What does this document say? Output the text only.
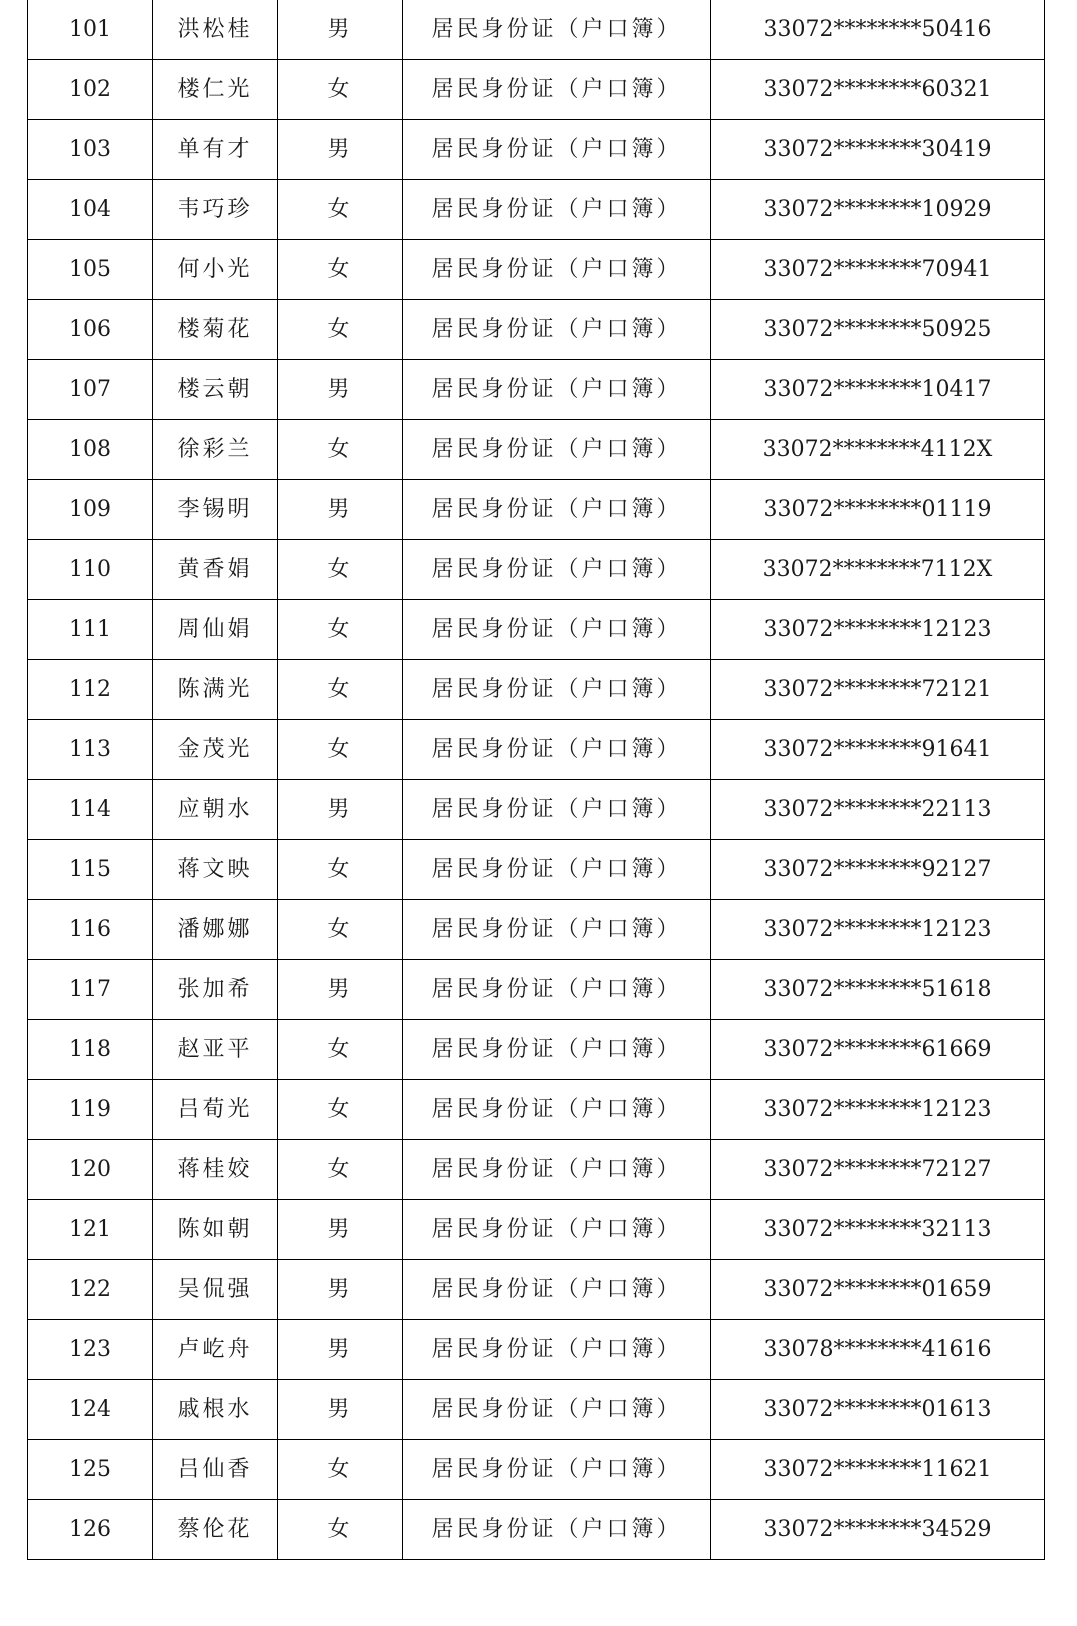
101	洪松桂	男	居民身份证（户口簿）	33072********50416
102	楼仁光	女	居民身份证（户口簿）	33072********60321
103	单有才	男	居民身份证（户口簿）	33072********30419
104	韦巧珍	女	居民身份证（户口簿）	33072********10929
105	何小光	女	居民身份证（户口簿）	33072********70941
106	楼菊花	女	居民身份证（户口簿）	33072********50925
107	楼云朝	男	居民身份证（户口簿）	33072********10417
108	徐彩兰	女	居民身份证（户口簿）	33072********4112X
109	李锡明	男	居民身份证（户口簿）	33072********01119
110	黄香娟	女	居民身份证（户口簿）	33072********7112X
111	周仙娟	女	居民身份证（户口簿）	33072********12123
112	陈满光	女	居民身份证（户口簿）	33072********72121
113	金茂光	女	居民身份证（户口簿）	33072********91641
114	应朝水	男	居民身份证（户口簿）	33072********22113
115	蒋文映	女	居民身份证（户口簿）	33072********92127
116	潘娜娜	女	居民身份证（户口簿）	33072********12123
117	张加希	男	居民身份证（户口簿）	33072********51618
118	赵亚平	女	居民身份证（户口簿）	33072********61669
119	吕荀光	女	居民身份证（户口簿）	33072********12123
120	蒋桂姣	女	居民身份证（户口簿）	33072********72127
121	陈如朝	男	居民身份证（户口簿）	33072********32113
122	吴侃强	男	居民身份证（户口簿）	33072********01659
123	卢屹舟	男	居民身份证（户口簿）	33078********41616
124	戚根水	男	居民身份证（户口簿）	33072********01613
125	吕仙香	女	居民身份证（户口簿）	33072********11621
126	蔡伦花	女	居民身份证（户口簿）	33072********34529
